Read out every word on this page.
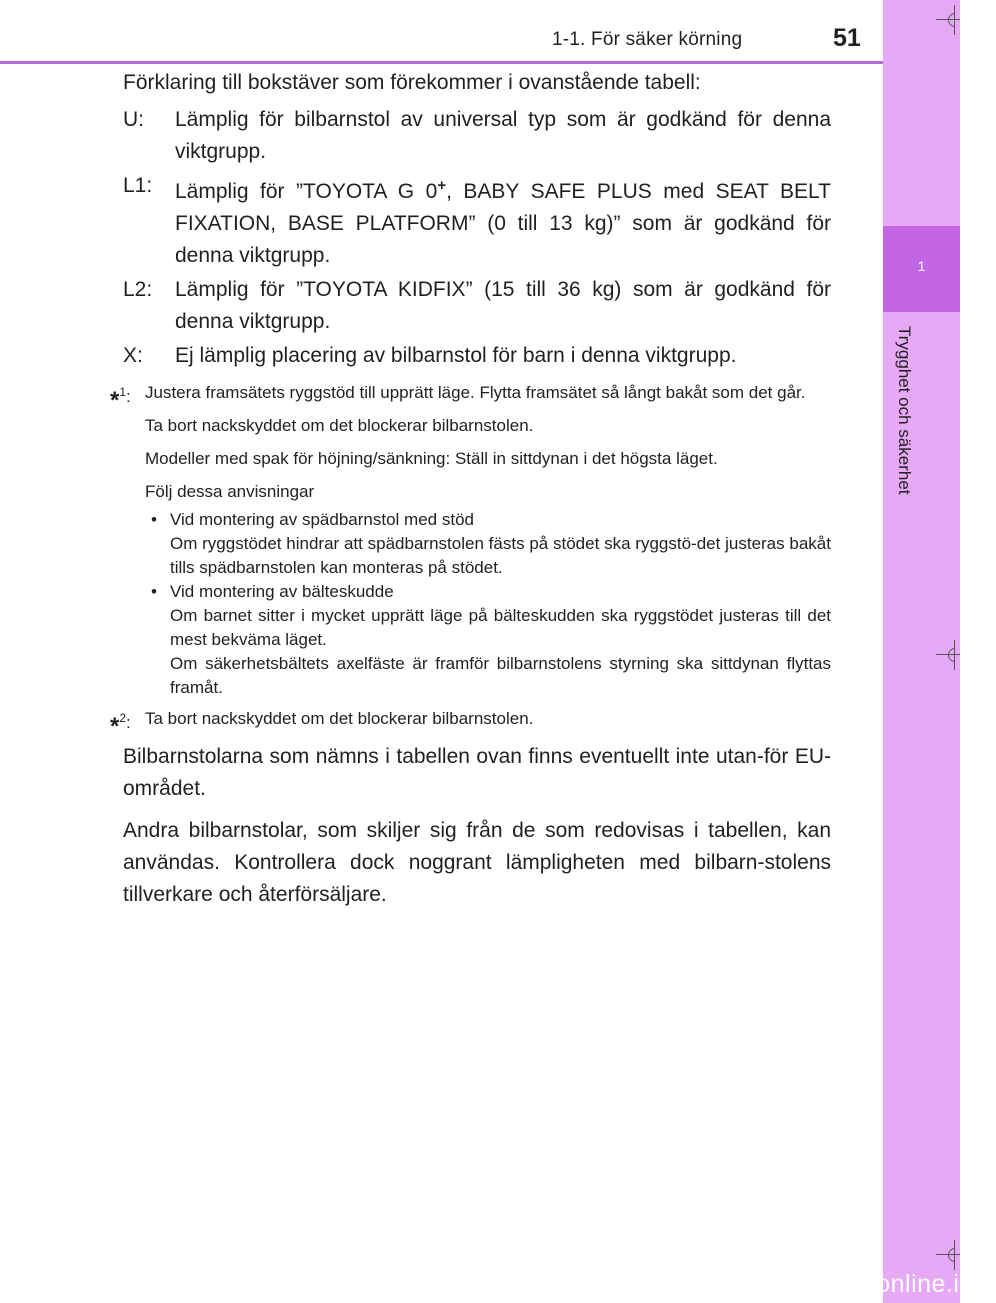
1-1. För säker körning	51
1
Trygghet och säkerhet

Förklaring till bokstäver som förekommer i ovanstående tabell:

U: Lämplig för bilbarnstol av universal typ som är godkänd för denna viktgrupp.
L1: Lämplig för ”TOYOTA G 0+, BABY SAFE PLUS med SEAT BELT FIXATION, BASE PLATFORM” (0 till 13 kg)” som är godkänd för denna viktgrupp.
L2: Lämplig för ”TOYOTA KIDFIX” (15 till 36 kg) som är godkänd för denna viktgrupp.
X: Ej lämplig placering av bilbarnstol för barn i denna viktgrupp.
*$^1$: Justera framsätets ryggstöd till upprätt läge. Flytta framsätet så långt bakåt som det går.

Ta bort nackskyddet om det blockerar bilbarnstolen.

Modeller med spak för höjning/sänkning: Ställ in sittdynan i det högsta läget.

Följ dessa anvisningar

• Vid montering av spädbarnstol med stöd
Om ryggstödet hindrar att spädbarnstolen fästs på stödet ska ryggstö-det justeras bakåt tills spädbarnstolen kan monteras på stödet.
• Vid montering av bälteskudde
Om barnet sitter i mycket upprätt läge på bälteskudden ska ryggstödet justeras till det mest bekväma läget.
Om säkerhetsbältets axelfäste är framför bilbarnstolens styrning ska sittdynan flyttas framåt.
*$^2$: Ta bort nackskyddet om det blockerar bilbarnstolen.

Bilbarnstolarna som nämns i tabellen ovan finns eventuellt inte utan-för EU-området.

Andra bilbarnstolar, som skiljer sig från de som redovisas i tabellen, kan användas. Kontrollera dock noggrant lämpligheten med bilbarn-stolens tillverkare och återförsäljare.

carmanualsonline.info
